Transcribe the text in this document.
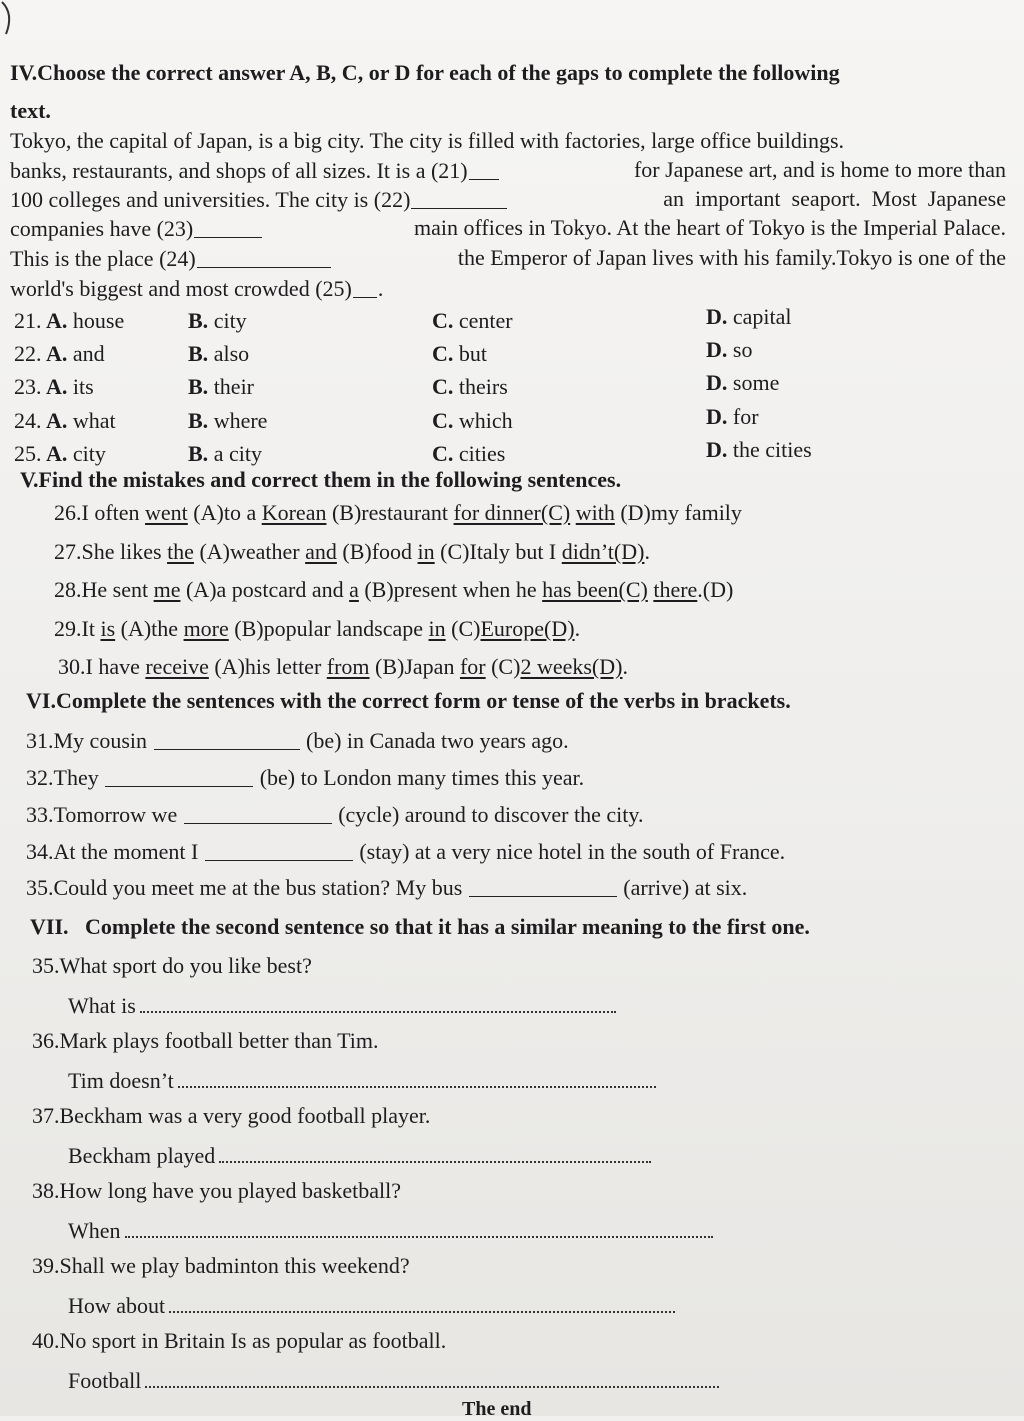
IV.Choose the correct answer A, B, C, or D for each of the gaps to complete the following
text.
Tokyo, the capital of Japan, is a big city. The city is filled with factories, large office buildings.
banks, restaurants, and shops of all sizes. It is a (21)	for Japanese art, and is home to more than
100 colleges and universities. The city is (22)	an  important  seaport.  Most  Japanese
companies have (23)	main offices in Tokyo. At the heart of Tokyo is the Imperial Palace.
This is the place (24)	the Emperor of Japan lives with his family.Tokyo is one of the
world's biggest and most crowded (25) .
21. A. house	B. city	C. center	D. capital
22. A. and	B. also	C. but	D. so
23. A. its	B. their	C. theirs	D. some
24. A. what	B. where	C. which	D. for
25. A. city	B. a city	C. cities	D. the cities
V.Find the mistakes and correct them in the following sentences.
26.I often went (A)to a Korean (B)restaurant for dinner(C) with (D)my family
27.She likes the (A)weather and (B)food in (C)Italy but I didn’t(D).
28.He sent me (A)a postcard and a (B)present when he has been(C) there.(D)
29.It is (A)the more (B)popular landscape in (C)Europe(D).
30.I have receive (A)his letter from (B)Japan for (C)2 weeks(D).
VI.Complete the sentences with the correct form or tense of the verbs in brackets.
31.My cousin	(be) in Canada two years ago.
32.They	(be) to London many times this year.
33.Tomorrow we	(cycle) around to discover the city.
34.At the moment I	(stay) at a very nice hotel in the south of France.
35.Could you meet me at the bus station? My bus	(arrive) at six.
VII. Complete the second sentence so that it has a similar meaning to the first one.
35.What sport do you like best?
What is
36.Mark plays football better than Tim.
Tim doesn’t
37.Beckham was a very good football player.
Beckham played
38.How long have you played basketball?
When
39.Shall we play badminton this weekend?
How about
40.No sport in Britain Is as popular as football.
Football
The end
